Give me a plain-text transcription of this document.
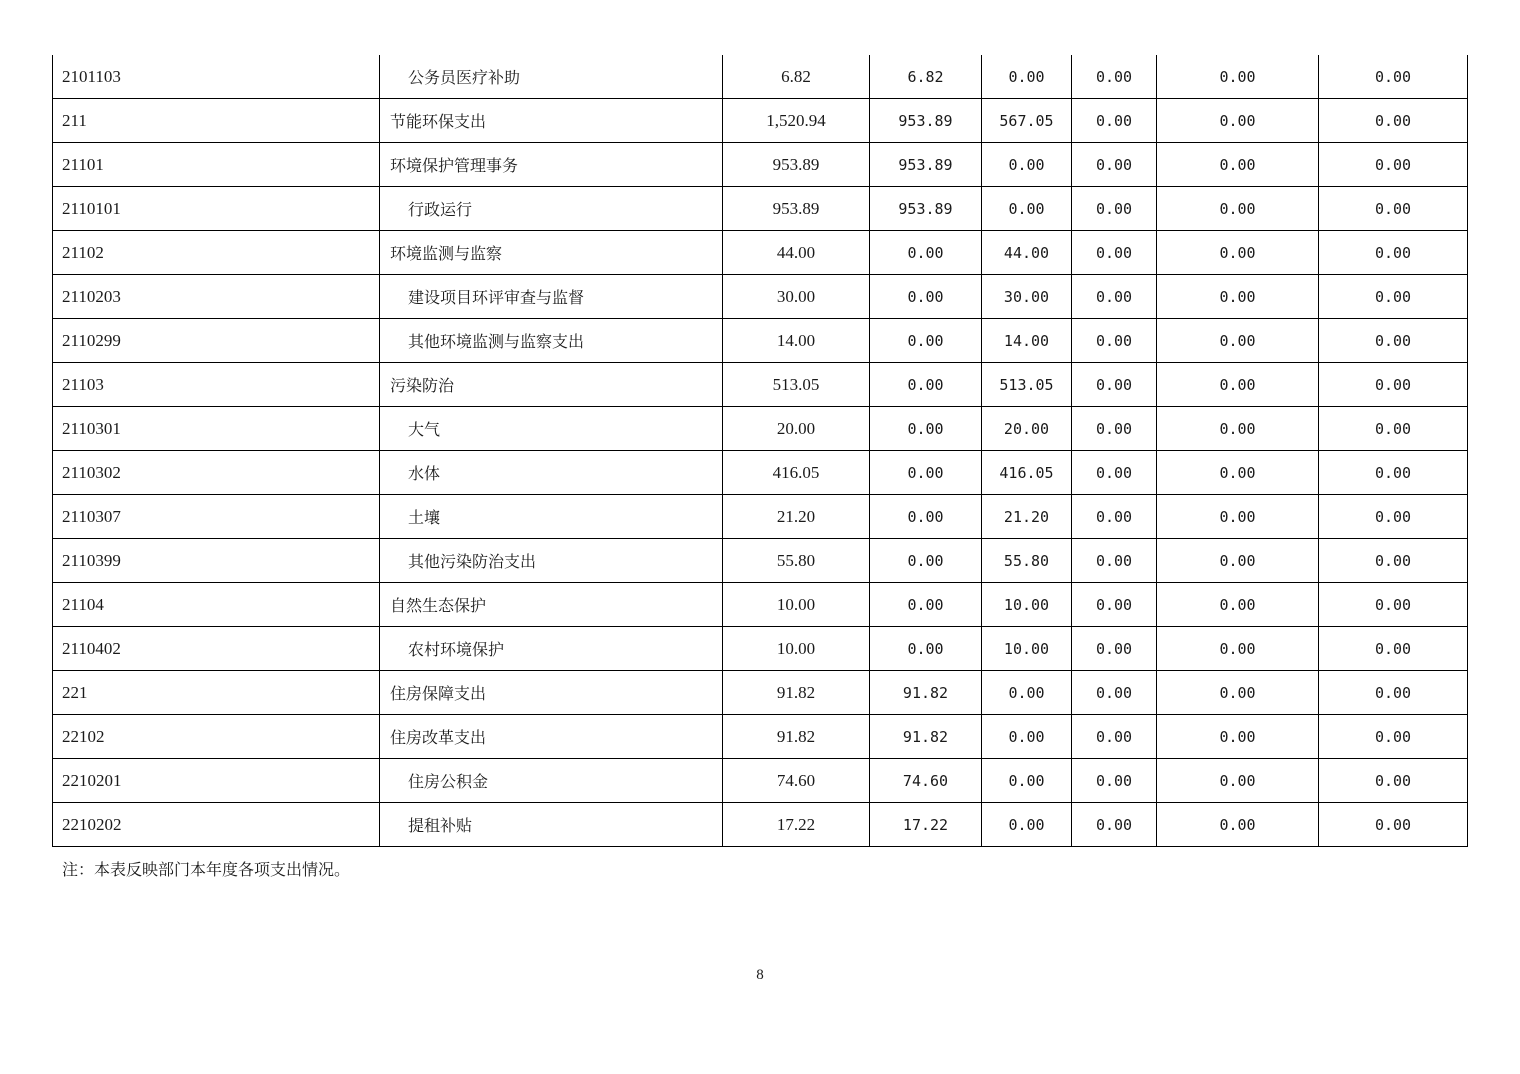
2101103	公务员医疗补助	6.82	6.82	0.00	0.00	0.00	0.00
211	节能环保支出	1,520.94	953.89	567.05	0.00	0.00	0.00
21101	环境保护管理事务	953.89	953.89	0.00	0.00	0.00	0.00
2110101	行政运行	953.89	953.89	0.00	0.00	0.00	0.00
21102	环境监测与监察	44.00	0.00	44.00	0.00	0.00	0.00
2110203	建设项目环评审查与监督	30.00	0.00	30.00	0.00	0.00	0.00
2110299	其他环境监测与监察支出	14.00	0.00	14.00	0.00	0.00	0.00
21103	污染防治	513.05	0.00	513.05	0.00	0.00	0.00
2110301	大气	20.00	0.00	20.00	0.00	0.00	0.00
2110302	水体	416.05	0.00	416.05	0.00	0.00	0.00
2110307	土壤	21.20	0.00	21.20	0.00	0.00	0.00
2110399	其他污染防治支出	55.80	0.00	55.80	0.00	0.00	0.00
21104	自然生态保护	10.00	0.00	10.00	0.00	0.00	0.00
2110402	农村环境保护	10.00	0.00	10.00	0.00	0.00	0.00
221	住房保障支出	91.82	91.82	0.00	0.00	0.00	0.00
22102	住房改革支出	91.82	91.82	0.00	0.00	0.00	0.00
2210201	住房公积金	74.60	74.60	0.00	0.00	0.00	0.00
2210202	提租补贴	17.22	17.22	0.00	0.00	0.00	0.00
注：本表反映部门本年度各项支出情况。
8
